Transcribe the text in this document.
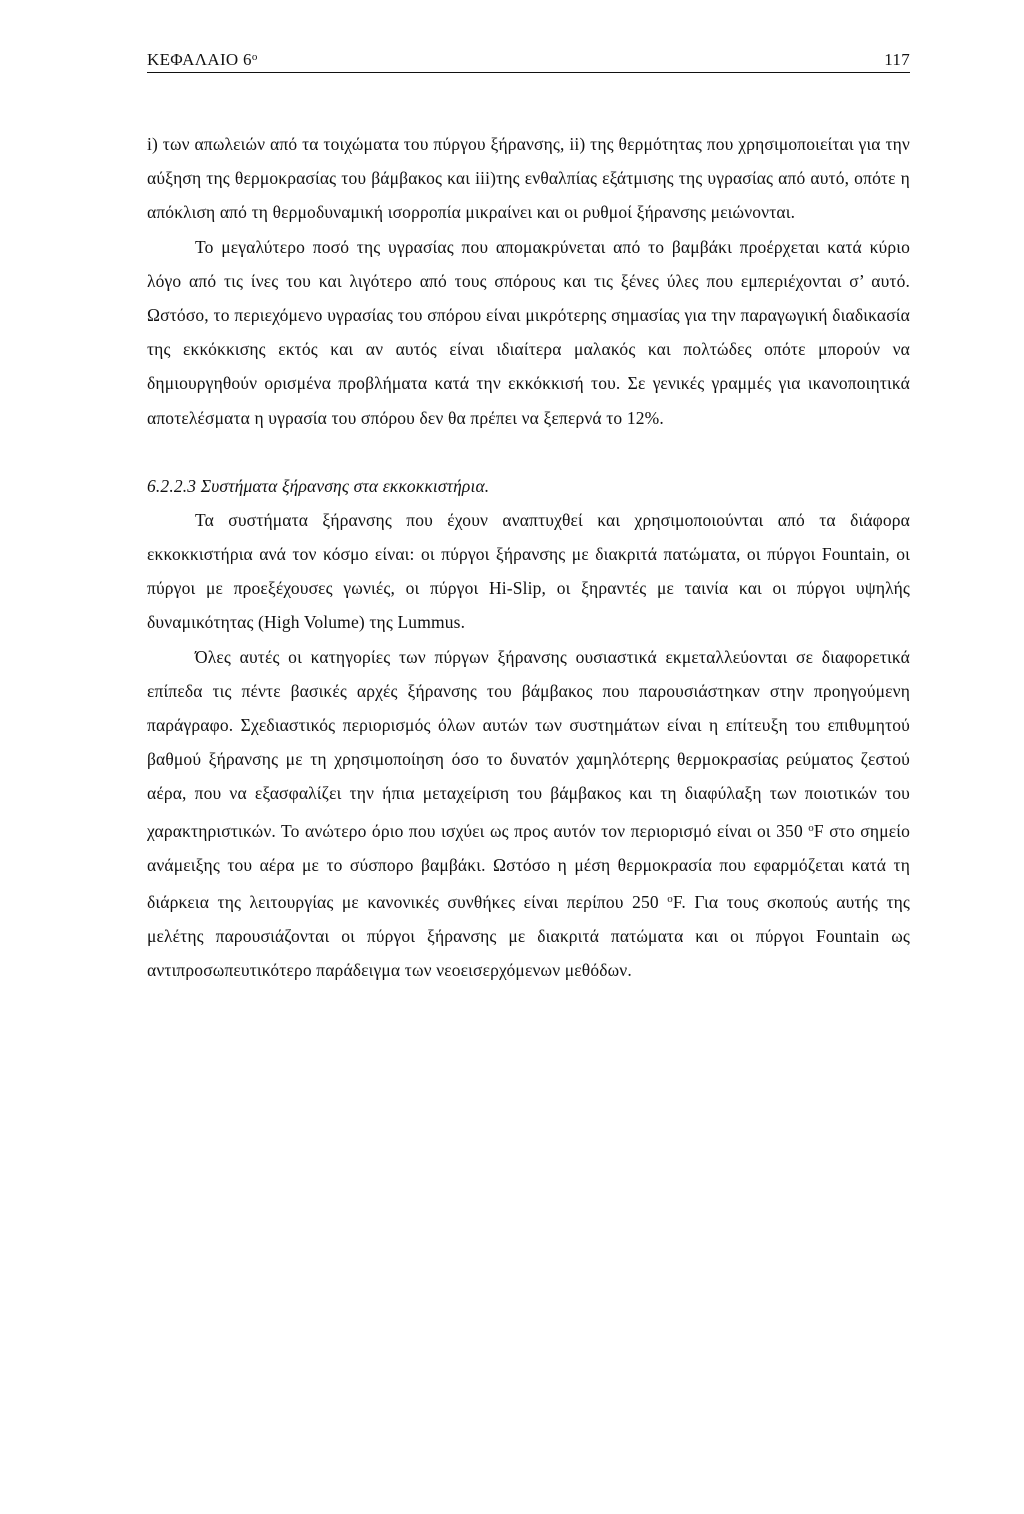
ΚΕΦΑΛΑΙΟ $6^o$	117

i) των απωλειών από τα τοιχώματα του πύργου ξήρανσης, ii) της θερμότητας που χρησιμοποιείται για την αύξηση της θερμοκρασίας του βάμβακος και iii)της ενθαλπίας εξάτμισης της υγρασίας από αυτό, οπότε η απόκλιση από τη θερμοδυναμική ισορροπία μικραίνει και οι ρυθμοί ξήρανσης μειώνονται.

Το μεγαλύτερο ποσό της υγρασίας που απομακρύνεται από το βαμβάκι προέρχεται κατά κύριο λόγο από τις ίνες του και λιγότερο από τους σπόρους και τις ξένες ύλες που εμπεριέχονται σ’ αυτό. Ωστόσο, το περιεχόμενο υγρασίας του σπόρου είναι μικρότερης σημασίας για την παραγωγική διαδικασία της εκκόκκισης εκτός και αν αυτός είναι ιδιαίτερα μαλακός και πολτώδες οπότε μπορούν να δημιουργηθούν ορισμένα προβλήματα κατά την εκκόκκισή του. Σε γενικές γραμμές για ικανοποιητικά αποτελέσματα η υγρασία του σπόρου δεν θα πρέπει να ξεπερνά το 12%.

6.2.2.3 Συστήματα ξήρανσης στα εκκοκκιστήρια.

Τα συστήματα ξήρανσης που έχουν αναπτυχθεί και χρησιμοποιούνται από τα διάφορα εκκοκκιστήρια ανά τον κόσμο είναι: οι πύργοι ξήρανσης με διακριτά πατώματα, οι πύργοι Fountain, οι πύργοι με προεξέχουσες γωνιές, οι πύργοι Hi-Slip, οι ξηραντές με ταινία και οι πύργοι υψηλής δυναμικότητας (High Volume) της Lummus.

Όλες αυτές οι κατηγορίες των πύργων ξήρανσης ουσιαστικά εκμεταλλεύονται σε διαφορετικά επίπεδα τις πέντε βασικές αρχές ξήρανσης του βάμβακος που παρουσιάστηκαν στην προηγούμενη παράγραφο. Σχεδιαστικός περιορισμός όλων αυτών των συστημάτων είναι η επίτευξη του επιθυμητού βαθμού ξήρανσης με τη χρησιμοποίηση όσο το δυνατόν χαμηλότερης θερμοκρασίας ρεύματος ζεστού αέρα, που να εξασφαλίζει την ήπια μεταχείριση του βάμβακος και τη διαφύλαξη των ποιοτικών του χαρακτηριστικών. Το ανώτερο όριο που ισχύει ως προς αυτόν τον περιορισμό είναι οι 350 $^o$F στο σημείο ανάμειξης του αέρα με το σύσπορο βαμβάκι. Ωστόσο η μέση θερμοκρασία που εφαρμόζεται κατά τη διάρκεια της λειτουργίας με κανονικές συνθήκες είναι περίπου 250 $^o$F. Για τους σκοπούς αυτής της μελέτης παρουσιάζονται οι πύργοι ξήρανσης με διακριτά πατώματα και οι πύργοι Fountain ως αντιπροσωπευτικότερο παράδειγμα των νεοεισερχόμενων μεθόδων.
